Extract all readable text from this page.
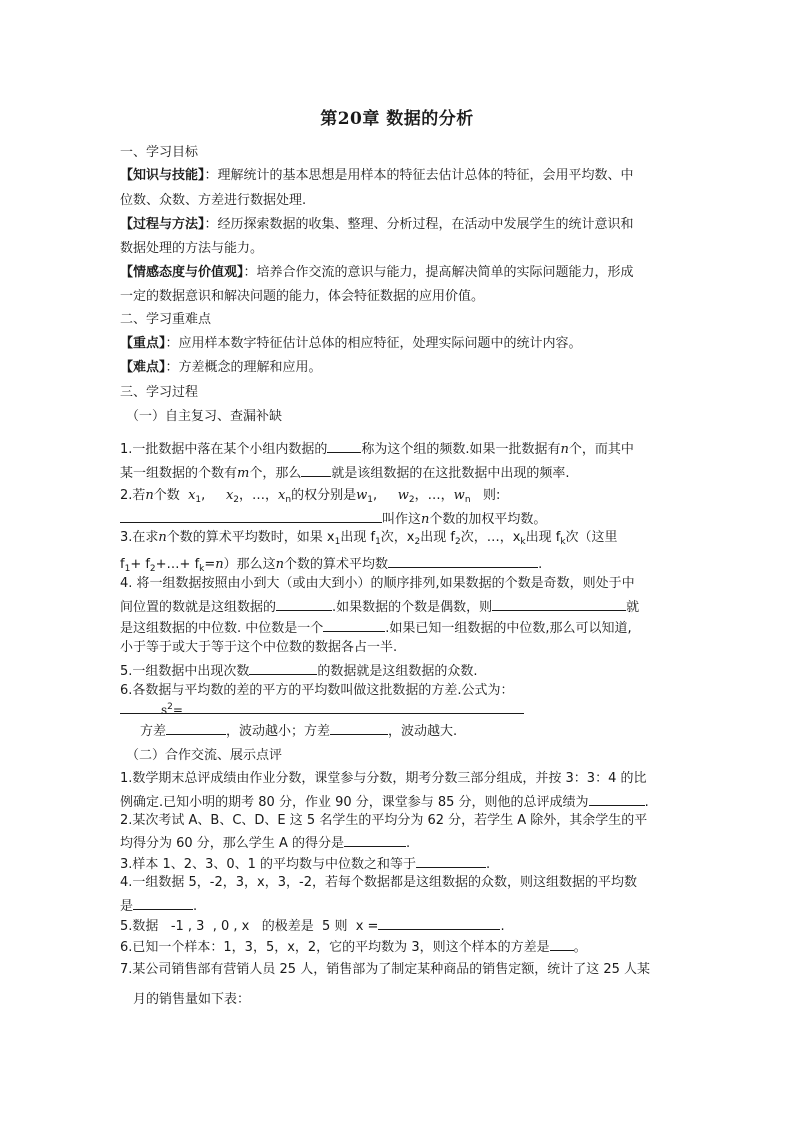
第20章 数据的分析
一、学习目标
【知识与技能】：理解统计的基本思想是用样本的特征去估计总体的特征，会用平均数、中
位数、众数、方差进行数据处理.
【过程与方法】：经历探索数据的收集、整理、分析过程，在活动中发展学生的统计意识和
数据处理的方法与能力。
【情感态度与价值观】：培养合作交流的意识与能力，提高解决简单的实际问题能力，形成
一定的数据意识和解决问题的能力，体会特征数据的应用价值。
二、学习重难点
【重点】：应用样本数字特征估计总体的相应特征，处理实际问题中的统计内容。
【难点】：方差概念的理解和应用。
三、学习过程
（一）自主复习、查漏补缺
1.一批数据中落在某个小组内数据的	称为这个组的频数.如果一批数据有n个，而其中
某一组数据的个数有m个，那么 就是该组数据的在这批数据中出现的频率.
2.若n个数 $x_1$,     $x_2$，…，$x_n$的权分别是$w_1$,     $w_2$，…，$w_n$ 则:
叫作这n个数的加权平均数。
3.在求n个数的算术平均数时，如果 $x_1$出现 $f_1$次，$x_2$出现 $f_2$次，…，$x_k$出现 $f_k$次（这里
$f_1+$ $f_2+\dots+ f_k=n$）那么这n个数的算术平均数	.
4. 将一组数据按照由小到大（或由大到小）的顺序排列,如果数据的个数是奇数，则处于中
间位置的数就是这组数据的	.如果数据的个数是偶数，则	就
是这组数据的中位数. 中位数是一个	.如果已知一组数据的中位数,那么可以知道,
小于等于或大于等于这个中位数的数据各占一半.
5.一组数据中出现次数	的数据就是这组数据的众数.
6.各数据与平均数的差的平方的平均数叫做这批数据的方差.公式为：
$s^2=$
方差	，波动越小；方差	，波动越大.
（二）合作交流、展示点评
1.数学期末总评成绩由作业分数，课堂参与分数，期考分数三部分组成，并按 3：3：4 的比
例确定.已知小明的期考 80 分，作业 90 分，课堂参与 85 分，则他的总评成绩为	.
2.某次考试 A、B、C、D、E 这 5 名学生的平均分为 62 分，若学生 A 除外，其余学生的平
均得分为 60 分，那么学生 A 的得分是	.
3.样本 1、2、3、0、1 的平均数与中位数之和等于	.
4.一组数据 5，-2，3，x，3，-2，若每个数据都是这组数据的众数，则这组数据的平均数
是	.
5.数据 -1 , 3 , 0 , x 的极差是 5 则 x =	.
6.已知一个样本：1，3，5，x，2，它的平均数为 3，则这个样本的方差是 。
7.某公司销售部有营销人员 25 人，销售部为了制定某种商品的销售定额，统计了这 25 人某
月的销售量如下表：
